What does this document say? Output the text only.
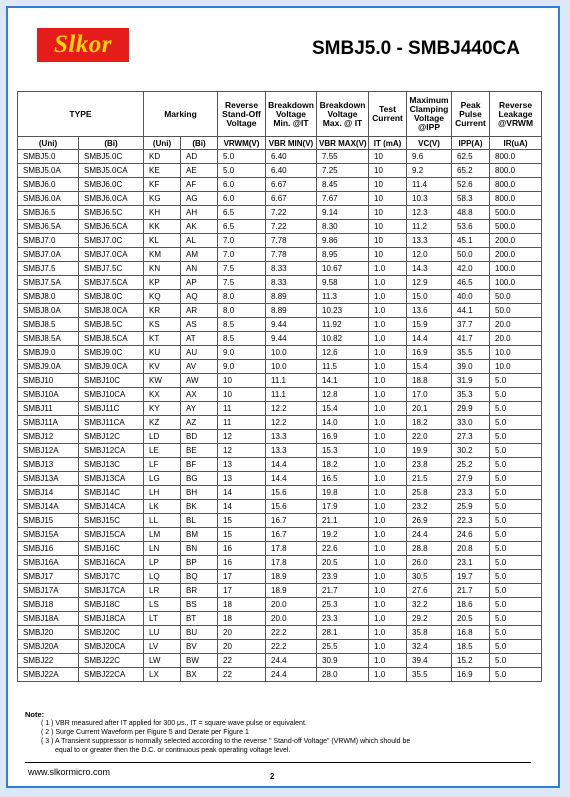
Slkor	SMBJ5.0 - SMBJ440CA
TYPE		Marking		Reverse Stand-Off Voltage	Breakdown Voltage Min. @IT	Breakdown Voltage Max. @ IT	Test Current	Maximum Clamping Voltage @IPP	Peak Pulse Current	Reverse Leakage @VRWM
(Uni)	(Bi)	(Uni)	(Bi)	VRWM(V)	VBR MIN(V)	VBR MAX(V)	IT (mA)	VC(V)	IPP(A)	IR(uA)
SMBJ5.0	SMBJ5.0C	KD	AD	5.0	6.40	7.55	10	9.6	62.5	800.0
SMBJ5.0A	SMBJ5.0CA	KE	AE	5.0	6.40	7.25	10	9.2	65.2	800.0
SMBJ6.0	SMBJ6.0C	KF	AF	6.0	6.67	8.45	10	11.4	52.6	800.0
SMBJ6.0A	SMBJ6.0CA	KG	AG	6.0	6.67	7.67	10	10.3	58.3	800.0
SMBJ6.5	SMBJ6.5C	KH	AH	6.5	7.22	9.14	10	12.3	48.8	500.0
SMBJ6.5A	SMBJ6.5CA	KK	AK	6.5	7.22	8.30	10	11.2	53.6	500.0
SMBJ7.0	SMBJ7.0C	KL	AL	7.0	7.78	9.86	10	13.3	45.1	200.0
SMBJ7.0A	SMBJ7.0CA	KM	AM	7.0	7.78	8.95	10	12.0	50.0	200.0
SMBJ7.5	SMBJ7.5C	KN	AN	7.5	8.33	10.67	1.0	14.3	42.0	100.0
SMBJ7.5A	SMBJ7.5CA	KP	AP	7.5	8.33	9.58	1.0	12.9	46.5	100.0
SMBJ8.0	SMBJ8.0C	KQ	AQ	8.0	8.89	11.3	1.0	15.0	40.0	50.0
SMBJ8.0A	SMBJ8.0CA	KR	AR	8.0	8.89	10.23	1.0	13.6	44.1	50.0
SMBJ8.5	SMBJ8.5C	KS	AS	8.5	9.44	11.92	1.0	15.9	37.7	20.0
SMBJ8.5A	SMBJ8.5CA	KT	AT	8.5	9.44	10.82	1.0	14.4	41.7	20.0
SMBJ9.0	SMBJ9.0C	KU	AU	9.0	10.0	12.6	1.0	16.9	35.5	10.0
SMBJ9.0A	SMBJ9.0CA	KV	AV	9.0	10.0	11.5	1.0	15.4	39.0	10.0
SMBJ10	SMBJ10C	KW	AW	10	11.1	14.1	1.0	18.8	31.9	5.0
SMBJ10A	SMBJ10CA	KX	AX	10	11.1	12.8	1.0	17.0	35.3	5.0
SMBJ11	SMBJ11C	KY	AY	11	12.2	15.4	1.0	20.1	29.9	5.0
SMBJ11A	SMBJ11CA	KZ	AZ	11	12.2	14.0	1.0	18.2	33.0	5.0
SMBJ12	SMBJ12C	LD	BD	12	13.3	16.9	1.0	22.0	27.3	5.0
SMBJ12A	SMBJ12CA	LE	BE	12	13.3	15.3	1.0	19.9	30.2	5.0
SMBJ13	SMBJ13C	LF	BF	13	14.4	18.2	1.0	23.8	25.2	5.0
SMBJ13A	SMBJ13CA	LG	BG	13	14.4	16.5	1.0	21.5	27.9	5.0
SMBJ14	SMBJ14C	LH	BH	14	15.6	19.8	1.0	25.8	23.3	5.0
SMBJ14A	SMBJ14CA	LK	BK	14	15.6	17.9	1.0	23.2	25.9	5.0
SMBJ15	SMBJ15C	LL	BL	15	16.7	21.1	1.0	26.9	22.3	5.0
SMBJ15A	SMBJ15CA	LM	BM	15	16.7	19.2	1.0	24.4	24.6	5.0
SMBJ16	SMBJ16C	LN	BN	16	17.8	22.6	1.0	28.8	20.8	5.0
SMBJ16A	SMBJ16CA	LP	BP	16	17.8	20.5	1.0	26.0	23.1	5.0
SMBJ17	SMBJ17C	LQ	BQ	17	18.9	23.9	1.0	30.5	19.7	5.0
SMBJ17A	SMBJ17CA	LR	BR	17	18.9	21.7	1.0	27.6	21.7	5.0
SMBJ18	SMBJ18C	LS	BS	18	20.0	25.3	1.0	32.2	18.6	5.0
SMBJ18A	SMBJ18CA	LT	BT	18	20.0	23.3	1.0	29.2	20.5	5.0
SMBJ20	SMBJ20C	LU	BU	20	22.2	28.1	1.0	35.8	16.8	5.0
SMBJ20A	SMBJ20CA	LV	BV	20	22.2	25.5	1.0	32.4	18.5	5.0
SMBJ22	SMBJ22C	LW	BW	22	24.4	30.9	1.0	39.4	15.2	5.0
SMBJ22A	SMBJ22CA	LX	BX	22	24.4	28.0	1.0	35.5	16.9	5.0
Note:
( 1 ) VBR measured after IT applied for 300 μs., IT = square wave pulse or equivalent.
( 2 ) Surge Current Waveform per Figure 5 and Derate per Figure 1
( 3 ) A Transient suppressor is normally selected according to the reverse " Stand-off Voltage" (VRWM) which should be
equal to or greater then the D.C. or continuous peak operating voltage level.
www.slkormicro.com	2
